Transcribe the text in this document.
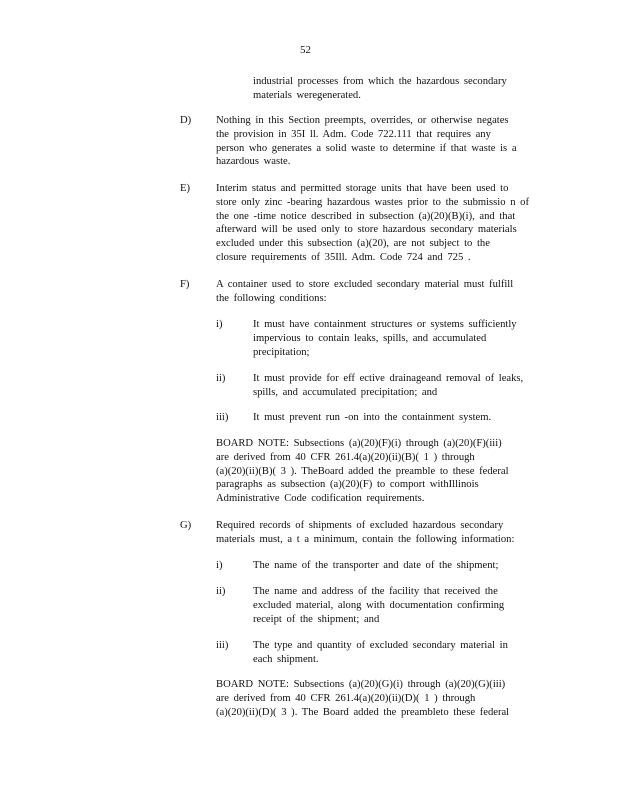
52
industrial processes from which the hazardous secondary
materials weregenerated.
D) Nothing in this Section preempts, overrides, or otherwise negates
the provision in 35I ll. Adm. Code 722.111 that requires any
person who generates a solid waste to determine if that waste is a
hazardous waste.
E) Interim status and permitted storage units that have been used to
store only zinc -bearing hazardous wastes prior to the submissio n of
the one -time notice described in subsection (a)(20)(B)(i), and that
afterward will be used only to store hazardous secondary materials
excluded under this subsection (a)(20), are not subject to the
closure requirements of 35Ill. Adm. Code 724 and 725 .
F)	A container used to store excluded secondary material must fulfill
the following conditions:
i)	It must have containment structures or systems sufficiently
impervious to contain leaks, spills, and accumulated
precipitation;
ii)	It must provide for eff ective drainageand removal of leaks,
spills, and accumulated precipitation; and
iii) It must prevent run -on into the containment system.
BOARD NOTE: Subsections (a)(20)(F)(i) through (a)(20)(F)(iii)
are derived from 40 CFR 261.4(a)(20)(ii)(B)( 1 ) through
(a)(20)(ii)(B)( 3 ). TheBoard added the preamble to these federal
paragraphs as subsection (a)(20)(F) to comport withIllinois
Administrative Code codification requirements.
G) Required records of shipments of excluded hazardous secondary
materials must, a t a minimum, contain the following information:
i)	The name of the transporter and date of the shipment;
ii)	The name and address of the facility that received the
excluded material, along with documentation confirming
receipt of the shipment; and
iii) The type and quantity of excluded secondary material in
each shipment.
BOARD NOTE: Subsections (a)(20)(G)(i) through (a)(20)(G)(iii)
are derived from 40 CFR 261.4(a)(20)(ii)(D)( 1 ) through
(a)(20)(ii)(D)( 3 ). The Board added the preambleto these federal
